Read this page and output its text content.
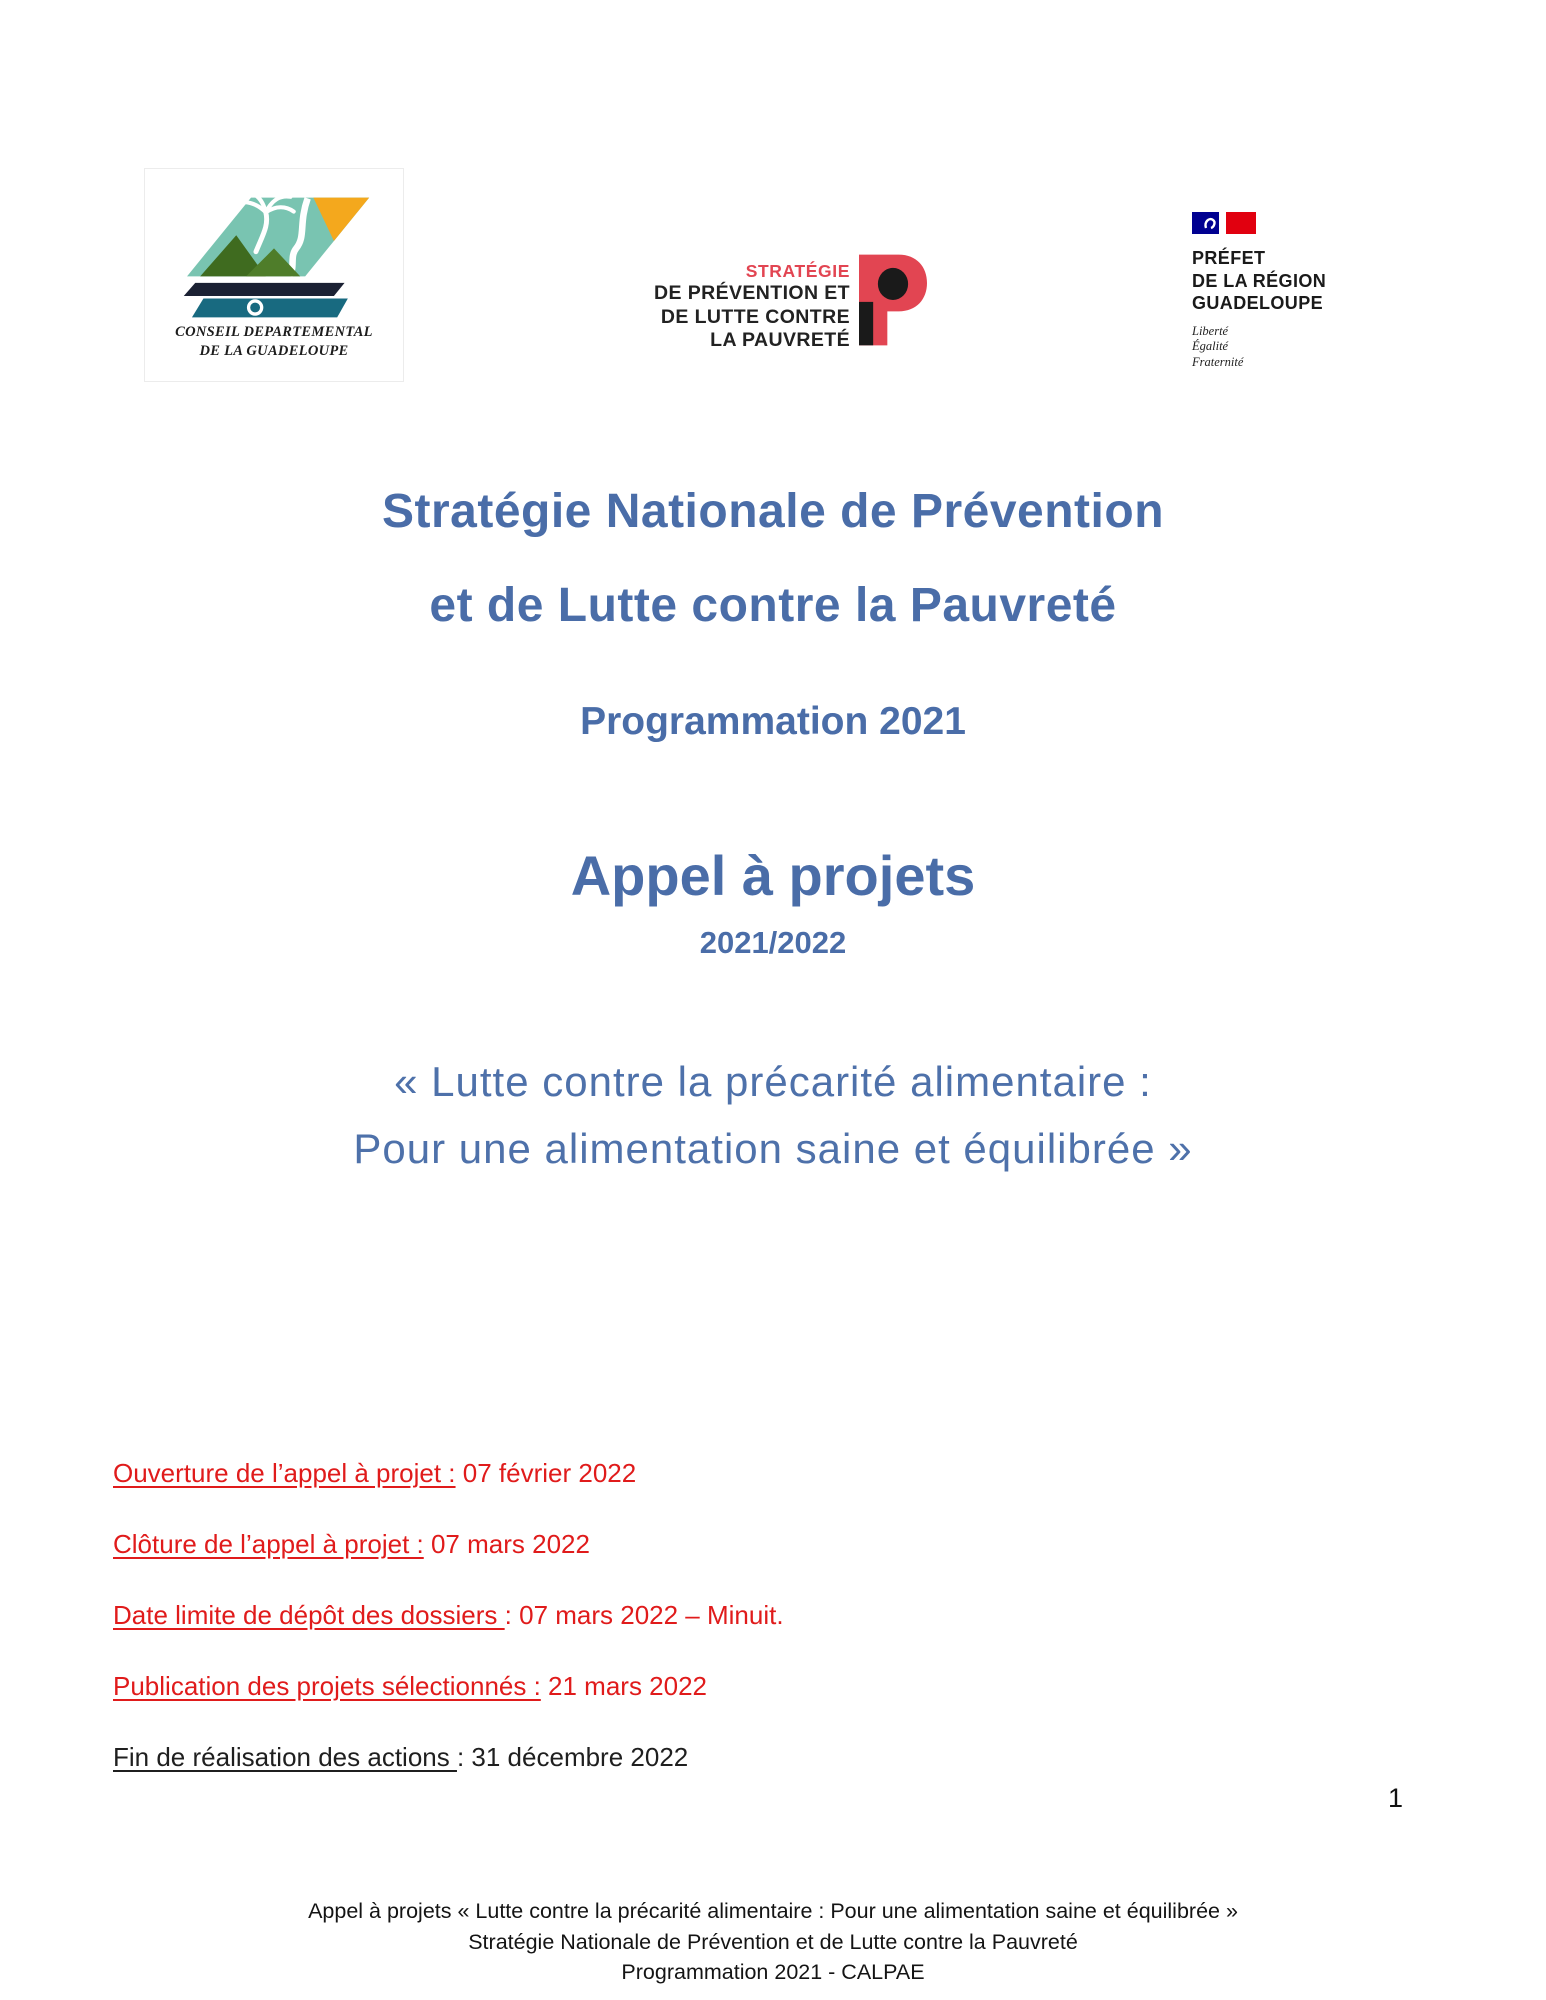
CONSEIL DEPARTEMENTAL
DE LA GUADELOUPE
STRATÉGIE
DE PRÉVENTION ET
DE LUTTE CONTRE
LA PAUVRETÉ
PRÉFET
DE LA RÉGION
GUADELOUPE
Liberté
Égalité
Fraternité
Stratégie Nationale de Prévention
et de Lutte contre la Pauvreté
Programmation 2021
Appel à projets
2021/2022
« Lutte contre la précarité alimentaire :
Pour une alimentation saine et équilibrée »
Ouverture de l’appel à projet : 07 février 2022
Clôture de l’appel à projet : 07 mars 2022
Date limite de dépôt des dossiers : 07 mars 2022 – Minuit.
Publication des projets sélectionnés : 21 mars 2022
Fin de réalisation des actions : 31 décembre 2022
1
Appel à projets « Lutte contre la précarité alimentaire : Pour une alimentation saine et équilibrée »
Stratégie Nationale de Prévention et de Lutte contre la Pauvreté
Programmation 2021 - CALPAE
